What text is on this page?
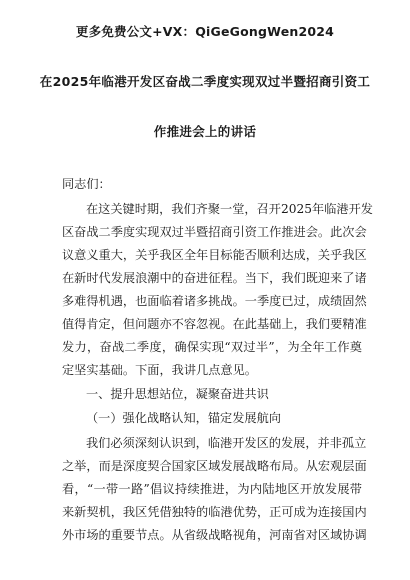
更多免费公文+VX：QiGeGongWen2024
在2025年临港开发区奋战二季度实现双过半暨招商引资工
作推进会上的讲话
同志们：
在这关键时期，我们齐聚一堂，召开2025年临港开发
区奋战二季度实现双过半暨招商引资工作推进会。此次会
议意义重大，关乎我区全年目标能否顺利达成，关乎我区
在新时代发展浪潮中的奋进征程。当下，我们既迎来了诸
多难得机遇，也面临着诸多挑战。一季度已过，成绩固然
值得肯定，但问题亦不容忽视。在此基础上，我们要精准
发力，奋战二季度，确保实现“双过半”，为全年工作奠
定坚实基础。下面，我讲几点意见。
一、提升思想站位，凝聚奋进共识
（一）强化战略认知，锚定发展航向
我们必须深刻认识到，临港开发区的发展，并非孤立
之举，而是深度契合国家区域发展战略布局。从宏观层面
看，“一带一路”倡议持续推进，为内陆地区开放发展带
来新契机，我区凭借独特的临港优势，正可成为连接国内
外市场的重要节点。从省级战略视角，河南省对区域协调
